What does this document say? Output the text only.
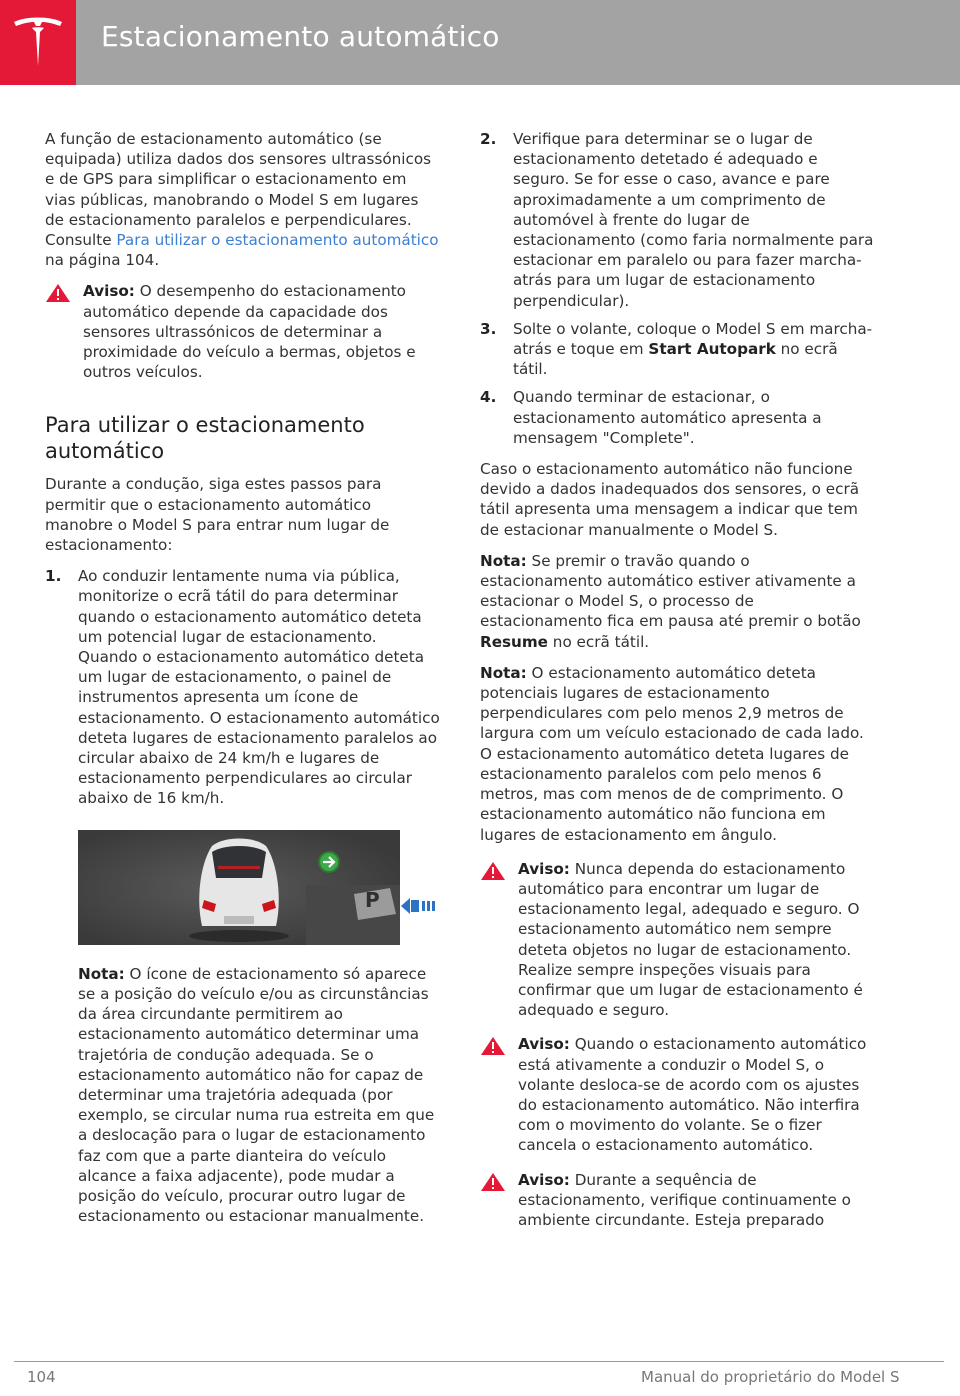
Estacionamento automático

A função de estacionamento automático (se equipada) utiliza dados dos sensores ultrassónicos e de GPS para simplificar o estacionamento em vias públicas, manobrando o Model S em lugares de estacionamento paralelos e perpendiculares. Consulte Para utilizar o estacionamento automático na página 104.

Aviso: O desempenho do estacionamento automático depende da capacidade dos sensores ultrassónicos de determinar a proximidade do veículo a bermas, objetos e outros veículos.
Para utilizar o estacionamento automático

Durante a condução, siga estes passos para permitir que o estacionamento automático manobre o Model S para entrar num lugar de estacionamento:

1. Ao conduzir lentamente numa via pública, monitorize o ecrã tátil do para determinar quando o estacionamento automático deteta um potencial lugar de estacionamento. Quando o estacionamento automático deteta um lugar de estacionamento, o painel de instrumentos apresenta um ícone de estacionamento. O estacionamento automático deteta lugares de estacionamento paralelos ao circular abaixo de 24 km/h e lugares de estacionamento perpendiculares ao circular abaixo de 16 km/h.
P

Nota: O ícone de estacionamento só aparece se a posição do veículo e/ou as circunstâncias da área circundante permitirem ao estacionamento automático determinar uma trajetória de condução adequada. Se o estacionamento automático não for capaz de determinar uma trajetória adequada (por exemplo, se circular numa rua estreita em que a deslocação para o lugar de estacionamento faz com que a parte dianteira do veículo alcance a faixa adjacente), pode mudar a posição do veículo, procurar outro lugar de estacionamento ou estacionar manualmente.

2. Verifique para determinar se o lugar de estacionamento detetado é adequado e seguro. Se for esse o caso, avance e pare aproximadamente a um comprimento de automóvel à frente do lugar de estacionamento (como faria normalmente para estacionar em paralelo ou para fazer marcha-atrás para um lugar de estacionamento perpendicular).
3. Solte o volante, coloque o Model S em marcha-atrás e toque em Start Autopark no ecrã tátil.
4. Quando terminar de estacionar, o estacionamento automático apresenta a mensagem "Complete".

Caso o estacionamento automático não funcione devido a dados inadequados dos sensores, o ecrã tátil apresenta uma mensagem a indicar que tem de estacionar manualmente o Model S.

Nota: Se premir o travão quando o estacionamento automático estiver ativamente a estacionar o Model S, o processo de estacionamento fica em pausa até premir o botão Resume no ecrã tátil.

Nota: O estacionamento automático deteta potenciais lugares de estacionamento perpendiculares com pelo menos 2,9 metros de largura com um veículo estacionado de cada lado. O estacionamento automático deteta lugares de estacionamento paralelos com pelo menos 6 metros, mas com menos de de comprimento. O estacionamento automático não funciona em lugares de estacionamento em ângulo.

Aviso: Nunca dependa do estacionamento automático para encontrar um lugar de estacionamento legal, adequado e seguro. O estacionamento automático nem sempre deteta objetos no lugar de estacionamento. Realize sempre inspeções visuais para confirmar que um lugar de estacionamento é adequado e seguro.
Aviso: Quando o estacionamento automático está ativamente a conduzir o Model S, o volante desloca-se de acordo com os ajustes do estacionamento automático. Não interfira com o movimento do volante. Se o fizer cancela o estacionamento automático.
Aviso: Durante a sequência de estacionamento, verifique continuamente o ambiente circundante. Esteja preparado
104	Manual do proprietário do Model S
